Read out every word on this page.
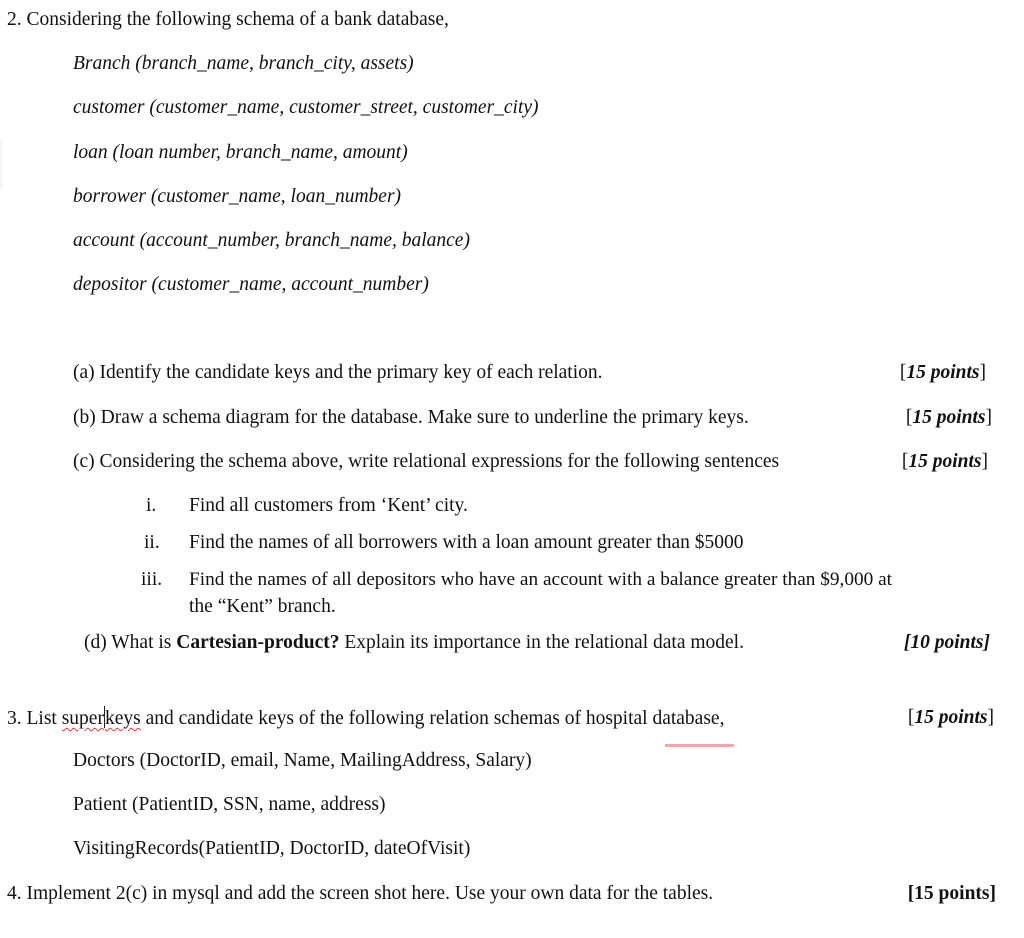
2. Considering the following schema of a bank database,
Branch (branch_name, branch_city, assets)
customer (customer_name, customer_street, customer_city)
loan (loan number, branch_name, amount)
borrower (customer_name, loan_number)
account (account_number, branch_name, balance)
depositor (customer_name, account_number)
(a) Identify the candidate keys and the primary key of each relation.	[15 points]
(b) Draw a schema diagram for the database. Make sure to underline the primary keys.	[15 points]
(c) Considering the schema above, write relational expressions for the following sentences	[15 points]
i. Find all customers from ‘Kent’ city.
ii. Find the names of all borrowers with a loan amount greater than $5000
iii. Find the names of all depositors who have an account with a balance greater than $9,000 at
the “Kent” branch.
(d) What is Cartesian-product? Explain its importance in the relational data model.	[10 points]
3. List superkeys and candidate keys of the following relation schemas of hospital database,	[15 points]
Doctors (DoctorID, email, Name, MailingAddress, Salary)
Patient (PatientID, SSN, name, address)
VisitingRecords(PatientID, DoctorID, dateOfVisit)
4. Implement 2(c) in mysql and add the screen shot here. Use your own data for the tables.	[15 points]
